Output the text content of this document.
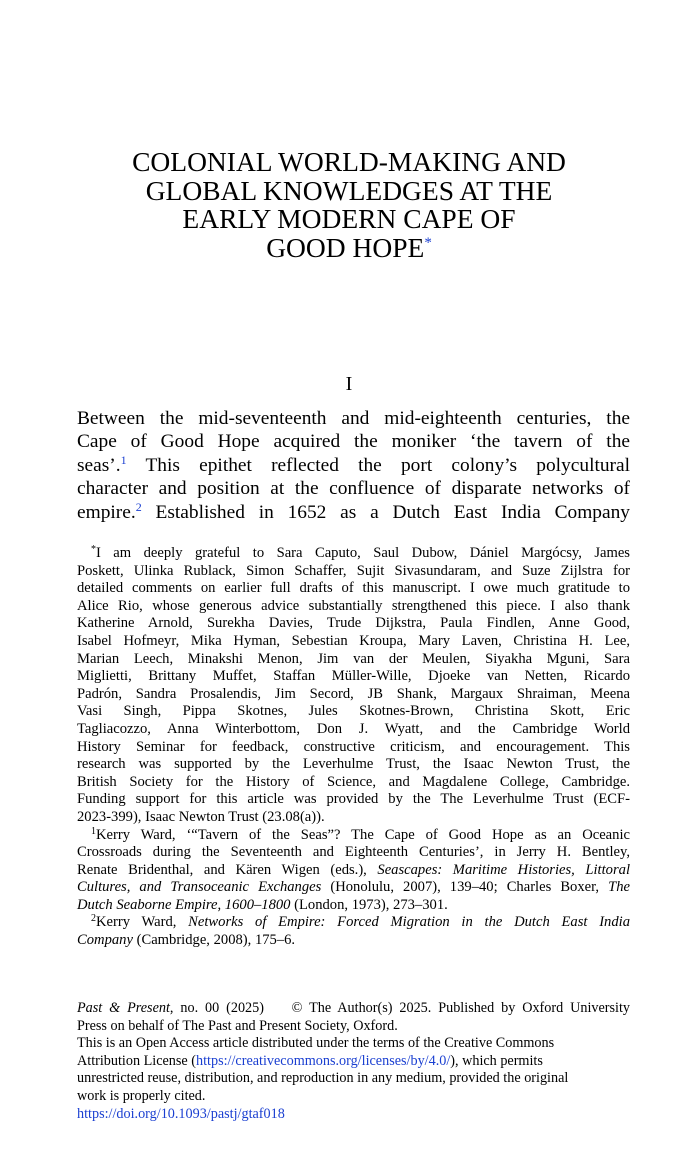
COLONIAL WORLD-MAKING AND
GLOBAL KNOWLEDGES AT THE
EARLY MODERN CAPE OF
GOOD HOPE*
I
Between the mid-seventeenth and mid-eighteenth centuries, the
Cape of Good Hope acquired the moniker ‘the tavern of the
seas’.$^1$ This epithet reflected the port colony’s polycultural
character and position at the confluence of disparate networks of
empire.$^2$ Established in 1652 as a Dutch East India Company
*I am deeply grateful to Sara Caputo, Saul Dubow, Dániel Margócsy, James
Poskett, Ulinka Rublack, Simon Schaffer, Sujit Sivasundaram, and Suze Zijlstra for
detailed comments on earlier full drafts of this manuscript. I owe much gratitude to
Alice Rio, whose generous advice substantially strengthened this piece. I also thank
Katherine Arnold, Surekha Davies, Trude Dijkstra, Paula Findlen, Anne Good,
Isabel Hofmeyr, Mika Hyman, Sebestian Kroupa, Mary Laven, Christina H. Lee,
Marian Leech, Minakshi Menon, Jim van der Meulen, Siyakha Mguni, Sara
Miglietti, Brittany Muffet, Staffan Müller-Wille, Djoeke van Netten, Ricardo
Padrón, Sandra Prosalendis, Jim Secord, JB Shank, Margaux Shraiman, Meena
Vasi Singh, Pippa Skotnes, Jules Skotnes-Brown, Christina Skott, Eric
Tagliacozzo, Anna Winterbottom, Don J. Wyatt, and the Cambridge World
History Seminar for feedback, constructive criticism, and encouragement. This
research was supported by the Leverhulme Trust, the Isaac Newton Trust, the
British Society for the History of Science, and Magdalene College, Cambridge.
Funding support for this article was provided by the The Leverhulme Trust (ECF-
2023-399), Isaac Newton Trust (23.08(a)).
$^1$Kerry Ward, ‘“Tavern of the Seas”? The Cape of Good Hope as an Oceanic
Crossroads during the Seventeenth and Eighteenth Centuries’, in Jerry H. Bentley,
Renate Bridenthal, and Kären Wigen (eds.), Seascapes: Maritime Histories, Littoral
Cultures, and Transoceanic Exchanges (Honolulu, 2007), 139–40; Charles Boxer, The
Dutch Seaborne Empire, 1600–1800 (London, 1973), 273–301.
$^2$Kerry Ward, Networks of Empire: Forced Migration in the Dutch East India
Company (Cambridge, 2008), 175–6.
Past & Present, no. 00 (2025) © The Author(s) 2025. Published by Oxford University
Press on behalf of The Past and Present Society, Oxford.
This is an Open Access article distributed under the terms of the Creative Commons
Attribution License (https://creativecommons.org/licenses/by/4.0/), which permits
unrestricted reuse, distribution, and reproduction in any medium, provided the original
work is properly cited.
https://doi.org/10.1093/pastj/gtaf018
